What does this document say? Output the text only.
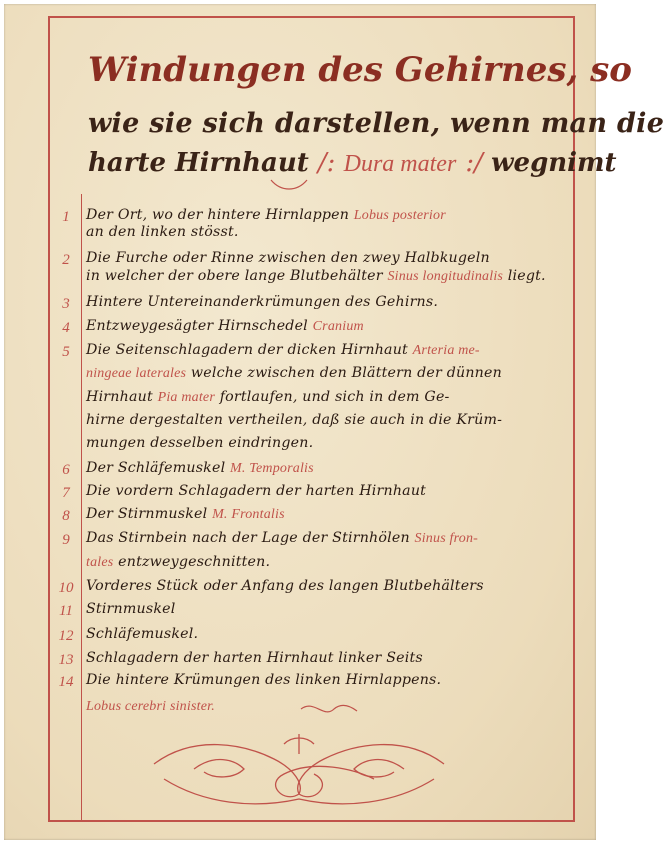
Windungen des Gehirnes, so
wie sie sich darstellen, wenn man die
harte Hirnhaut /: Dura mater :/ wegnimt
1	Der Ort, wo der hintere Hirnlappen Lobus posterior
an den linken stösst.
2	Die Furche oder Rinne zwischen den zwey Halbkugeln
in welcher der obere lange Blutbehälter Sinus longitudinalis liegt.
3	Hintere Untereinanderkrümungen des Gehirns.
4	Entzweygesägter Hirnschedel Cranium
5	Die Seitenschlagadern der dicken Hirnhaut Arteria me-
ningeae laterales welche zwischen den Blättern der dünnen
Hirnhaut Pia mater fortlaufen, und sich in dem Ge-
hirne dergestalten vertheilen, daß sie auch in die Krüm-
mungen desselben eindringen.
6	Der Schläfemuskel M. Temporalis
7	Die vordern Schlagadern der harten Hirnhaut
8	Der Stirnmuskel M. Frontalis
9	Das Stirnbein nach der Lage der Stirnhölen Sinus fron-
tales entzweygeschnitten.
10 Vorderes Stück oder Anfang des langen Blutbehälters
11 Stirnmuskel
12 Schläfemuskel.
13 Schlagadern der harten Hirnhaut linker Seits
14 Die hintere Krümungen des linken Hirnlappens.
Lobus cerebri sinister.
